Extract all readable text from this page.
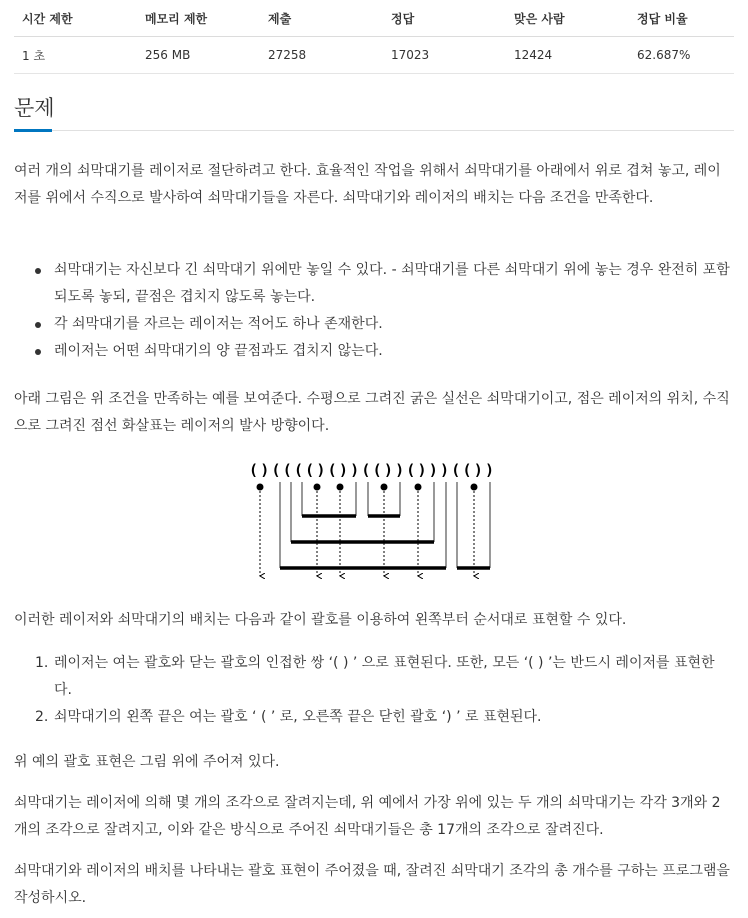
시간 제한	메모리 제한	제출	정답	맞은 사람	정답 비율
1 초	256 MB	27258	17023	12424	62.687%
문제

여러 개의 쇠막대기를 레이저로 절단하려고 한다. 효율적인 작업을 위해서 쇠막대기를 아래에서 위로 겹쳐 놓고, 레이저를 위에서 수직으로 발사하여 쇠막대기들을 자른다. 쇠막대기와 레이저의 배치는 다음 조건을 만족한다.

쇠막대기는 자신보다 긴 쇠막대기 위에만 놓일 수 있다. - 쇠막대기를 다른 쇠막대기 위에 놓는 경우 완전히 포함되도록 놓되, 끝점은 겹치지 않도록 놓는다.
각 쇠막대기를 자르는 레이저는 적어도 하나 존재한다.
레이저는 어떤 쇠막대기의 양 끝점과도 겹치지 않는다.

아래 그림은 위 조건을 만족하는 예를 보여준다. 수평으로 그려진 굵은 실선은 쇠막대기이고, 점은 레이저의 위치, 수직으로 그려진 점선 화살표는 레이저의 발사 방향이다.

( ) ( ( ( ( ) ( ) ) ( ( ) ) ( ) ) ) ( ( ) )

이러한 레이저와 쇠막대기의 배치는 다음과 같이 괄호를 이용하여 왼쪽부터 순서대로 표현할 수 있다.

1. 레이저는 여는 괄호와 닫는 괄호의 인접한 쌍 ‘( ) ’ 으로 표현된다. 또한, 모든 ‘( ) ’는 반드시 레이저를 표현한다.
2. 쇠막대기의 왼쪽 끝은 여는 괄호 ‘ ( ’ 로, 오른쪽 끝은 닫힌 괄호 ‘) ’ 로 표현된다.

위 예의 괄호 표현은 그림 위에 주어져 있다.

쇠막대기는 레이저에 의해 몇 개의 조각으로 잘려지는데, 위 예에서 가장 위에 있는 두 개의 쇠막대기는 각각 3개와 2개의 조각으로 잘려지고, 이와 같은 방식으로 주어진 쇠막대기들은 총 17개의 조각으로 잘려진다.

쇠막대기와 레이저의 배치를 나타내는 괄호 표현이 주어졌을 때, 잘려진 쇠막대기 조각의 총 개수를 구하는 프로그램을 작성하시오.
